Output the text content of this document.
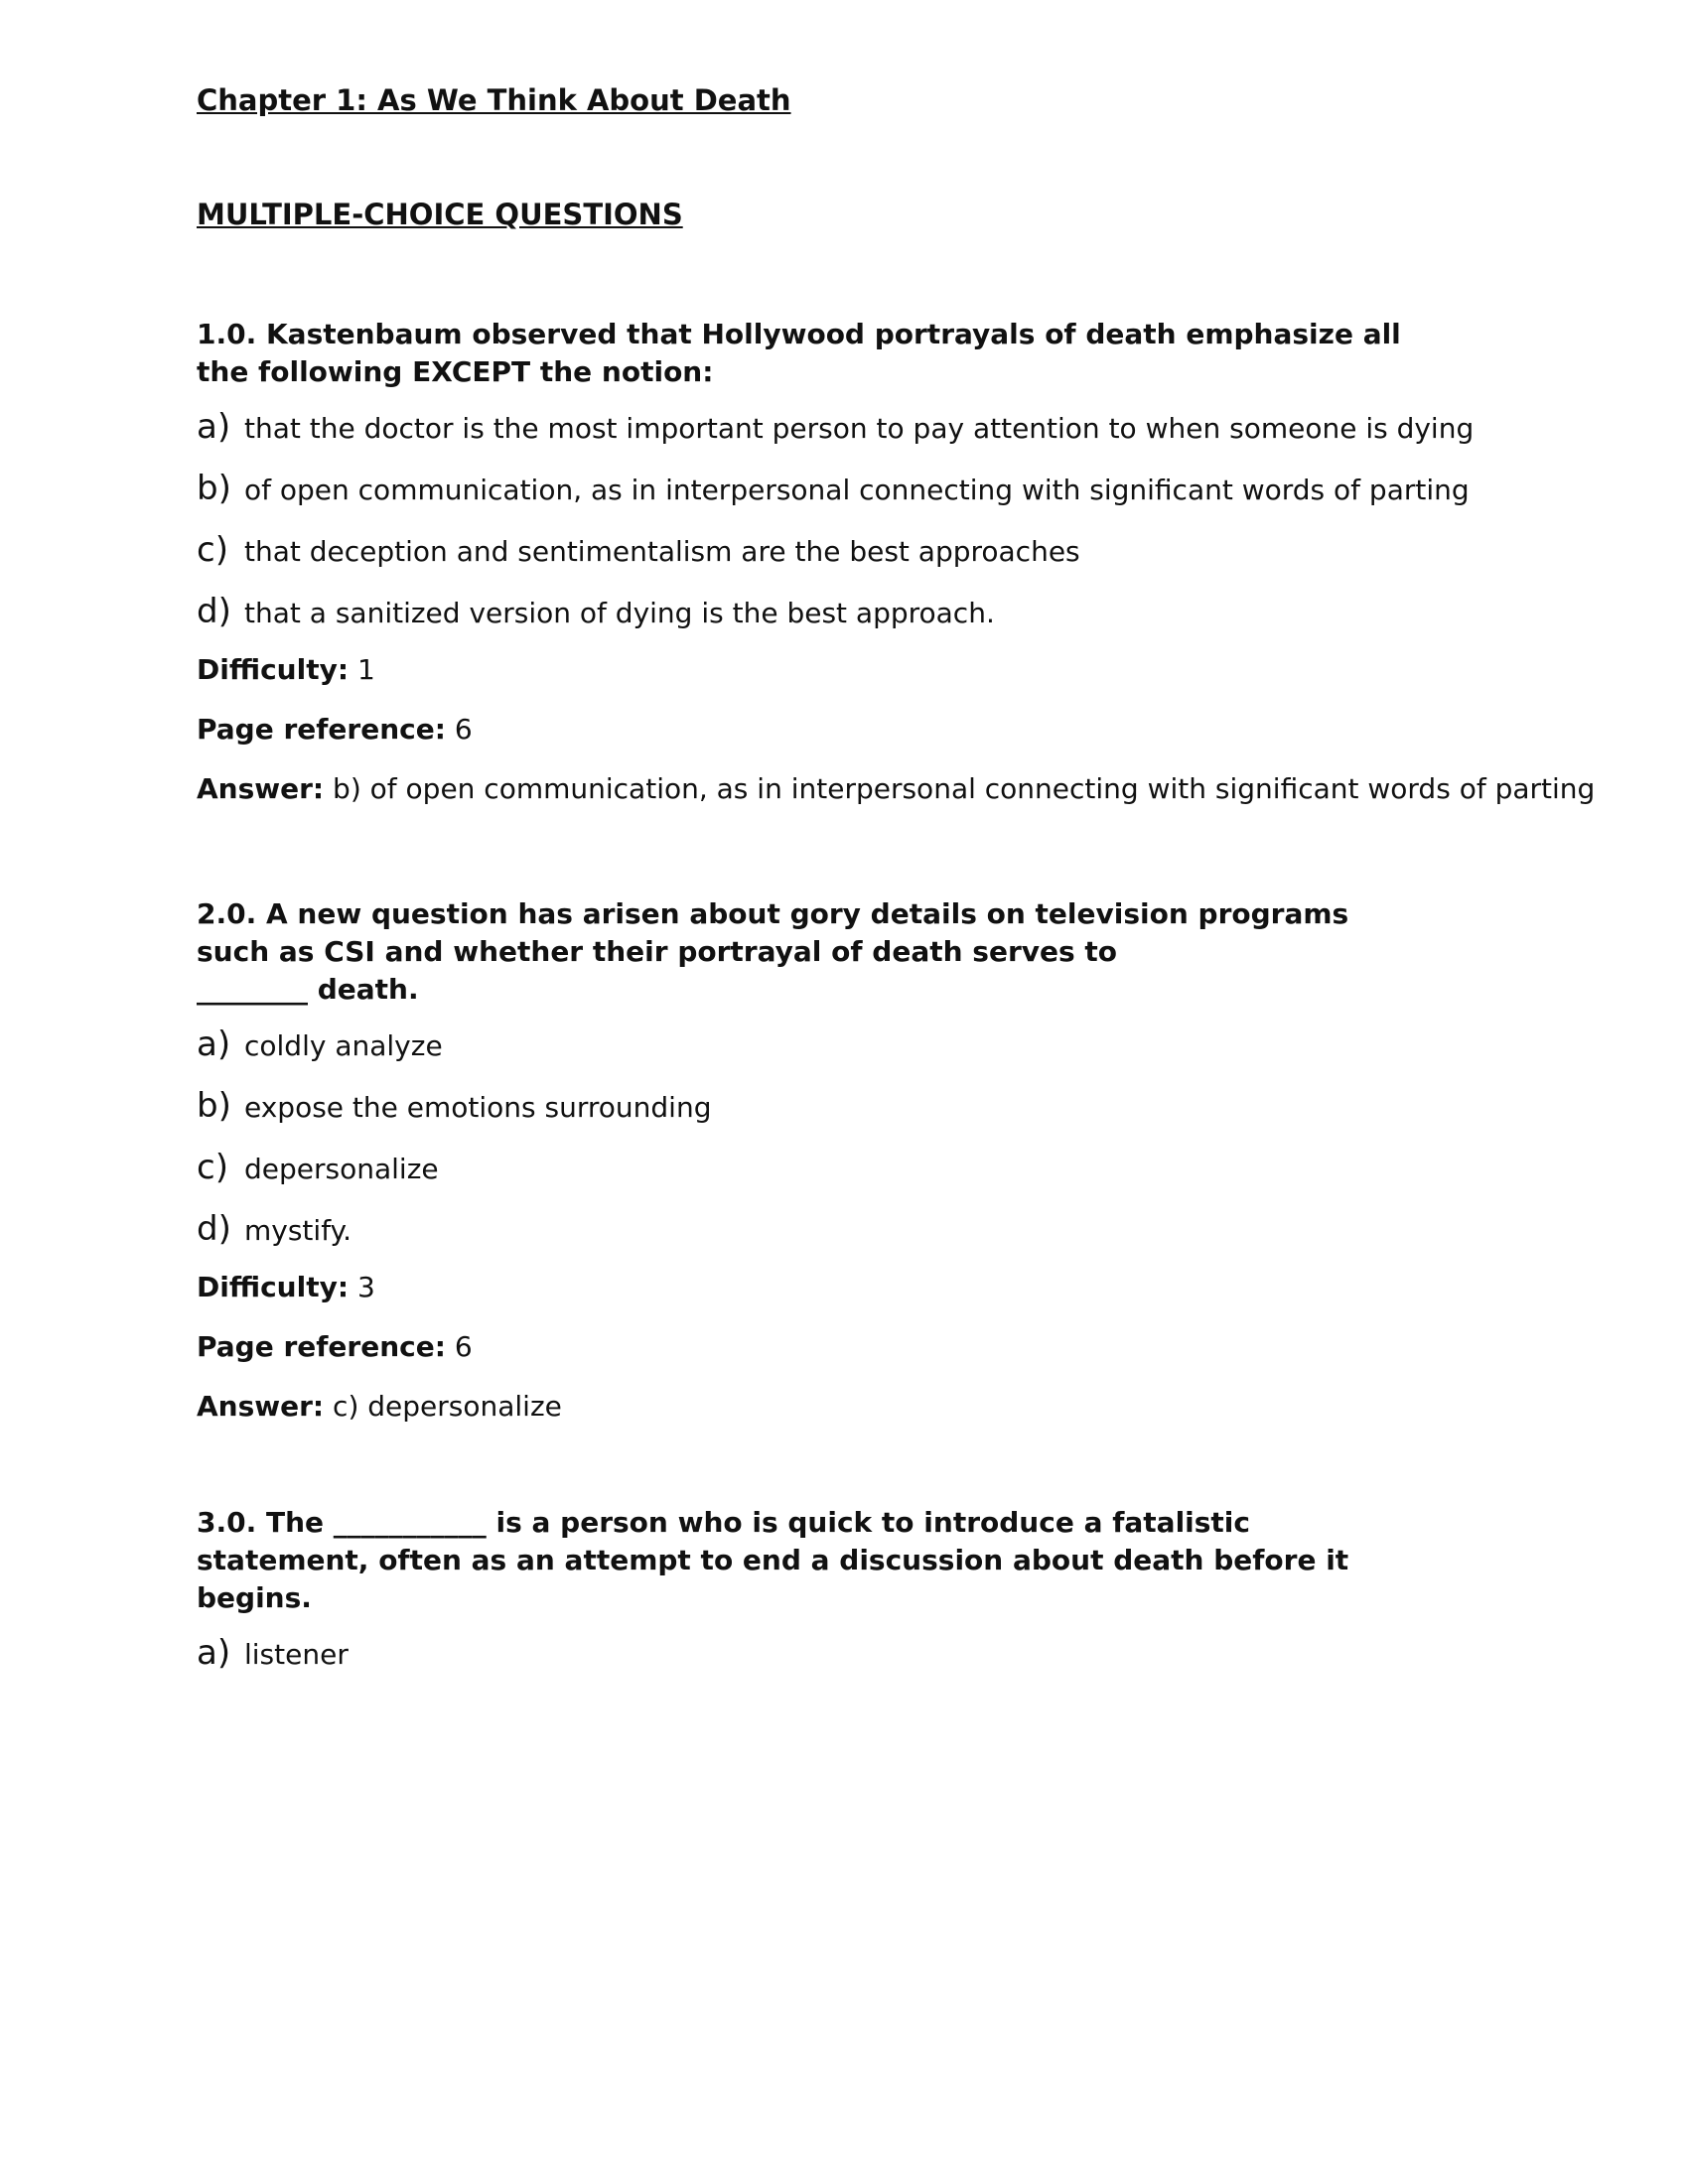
Chapter 1: As We Think About Death
MULTIPLE-CHOICE QUESTIONS

1.0. Kastenbaum observed that Hollywood portrayals of death emphasize all the following EXCEPT the notion:

a) that the doctor is the most important person to pay attention to when someone is dying
b) of open communication, as in interpersonal connecting with significant words of parting
c) that deception and sentimentalism are the best approaches
d) that a sanitized version of dying is the best approach.

Difficulty: 1

Page reference: 6

Answer: b) of open communication, as in interpersonal connecting with significant words of parting

2.0. A new question has arisen about gory details on television programs such as CSI and whether their portrayal of death serves to
________ death.

a) coldly analyze
b) expose the emotions surrounding
c) depersonalize
d) mystify.

Difficulty: 3

Page reference: 6

Answer: c) depersonalize

3.0. The ___________ is a person who is quick to introduce a fatalistic statement, often as an attempt to end a discussion about death before it begins.

a) listener
